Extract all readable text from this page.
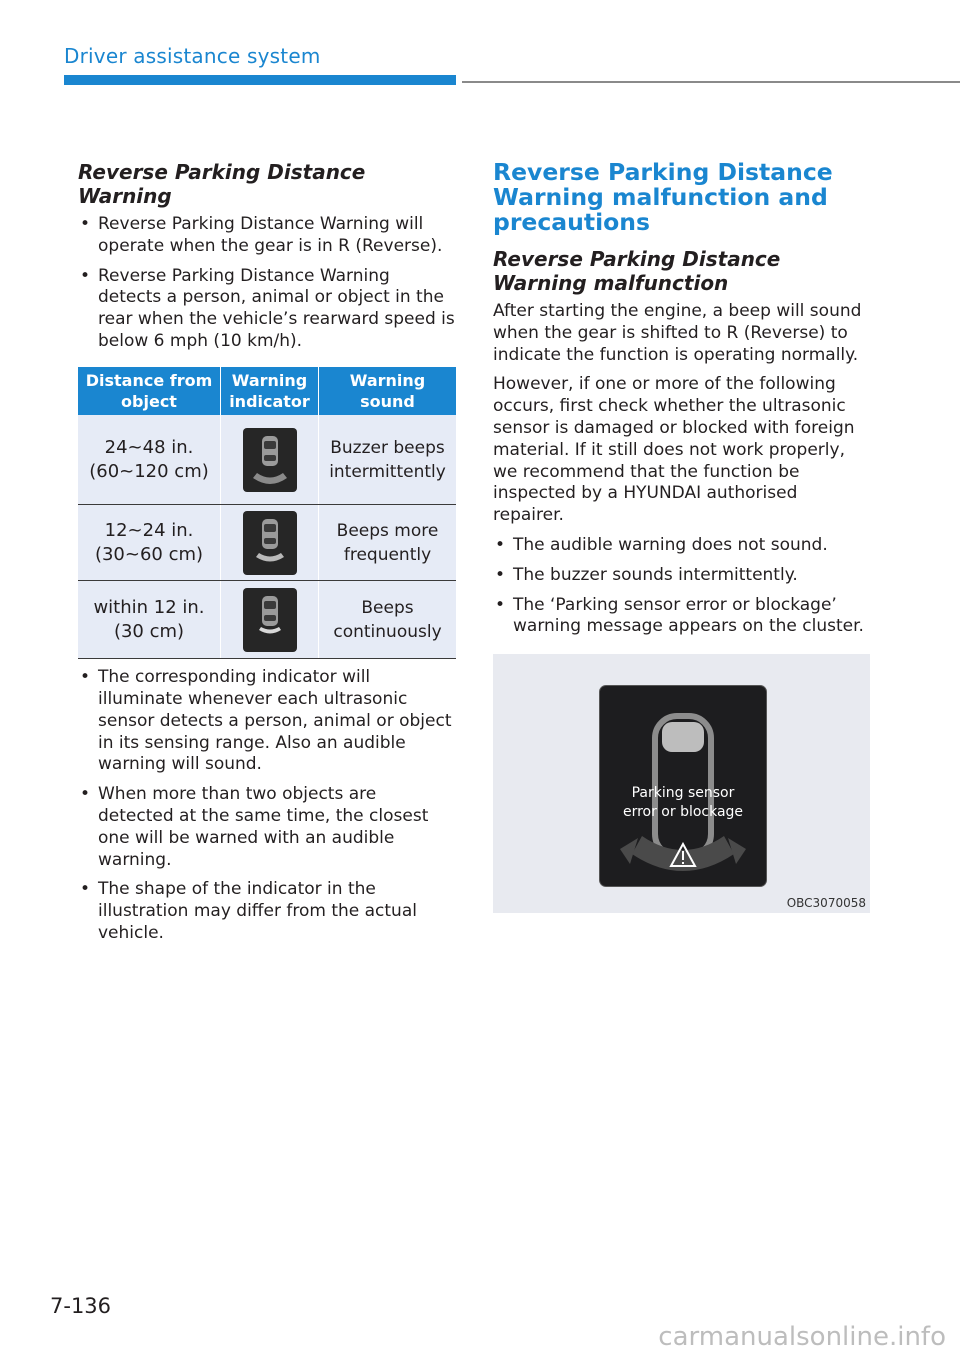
Driver assistance system
Reverse Parking Distance Warning
• Reverse Parking Distance Warning will operate when the gear is in R (Reverse).
• Reverse Parking Distance Warning detects a person, animal or object in the rear when the vehicle’s rearward speed is below 6 mph (10 km/h).
Distance from object	Warning indicator	Warning sound

24~48 in.
(60~120 cm)		Buzzer beeps intermittently

12~24 in.
(30~60 cm)		Beeps more frequently

within 12 in.
(30 cm)		Beeps continuously
• The corresponding indicator will illuminate whenever each ultrasonic sensor detects a person, animal or object in its sensing range. Also an audible warning will sound.
• When more than two objects are detected at the same time, the closest one will be warned with an audible warning.
• The shape of the indicator in the illustration may differ from the actual vehicle.
Reverse Parking Distance Warning malfunction and precautions
Reverse Parking Distance Warning malfunction

After starting the engine, a beep will sound when the gear is shifted to R (Reverse) to indicate the function is operating normally.

However, if one or more of the following occurs, first check whether the ultrasonic sensor is damaged or blocked with foreign material. If it still does not work properly, we recommend that the function be inspected by a HYUNDAI authorised repairer.

• The audible warning does not sound.
• The buzzer sounds intermittently.
• The ‘Parking sensor error or blockage’ warning message appears on the cluster.
Parking sensor
error or blockage
OBC3070058
7-136
carmanualsonline.info
